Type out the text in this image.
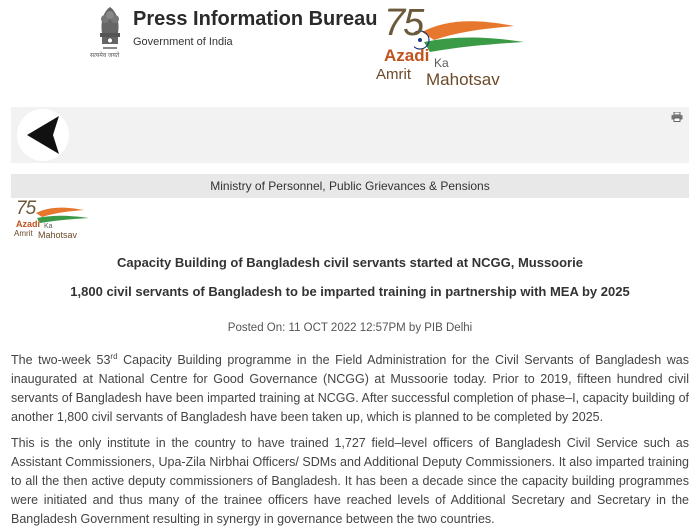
सत्यमेव जयते
Press Information Bureau
Government of India	75
Azadi Ka
Amrit Mahotsav
Ministry of Personnel, Public Grievances & Pensions
75
Azadi Ka
Amrit Mahotsav
Capacity Building of Bangladesh civil servants started at NCGG, Mussoorie
1,800 civil servants of Bangladesh to be imparted training in partnership with MEA by 2025
Posted On: 11 OCT 2022 12:57PM by PIB Delhi

The two-week 53rd Capacity Building programme in the Field Administration for the Civil Servants of Bangladesh was inaugurated at National Centre for Good Governance (NCGG) at Mussoorie today. Prior to 2019, fifteen hundred civil servants of Bangladesh have been imparted training at NCGG. After successful completion of phase–I, capacity building of another 1,800 civil servants of Bangladesh have been taken up, which is planned to be completed by 2025.

This is the only institute in the country to have trained 1,727 field–level officers of Bangladesh Civil Service such as Assistant Commissioners, Upa-Zila Nirbhai Officers/ SDMs and Additional Deputy Commissioners. It also imparted training to all the then active deputy commissioners of Bangladesh. It has been a decade since the capacity building programmes were initiated and thus many of the trainee officers have reached levels of Additional Secretary and Secretary in the Bangladesh Government resulting in synergy in governance between the two countries.
